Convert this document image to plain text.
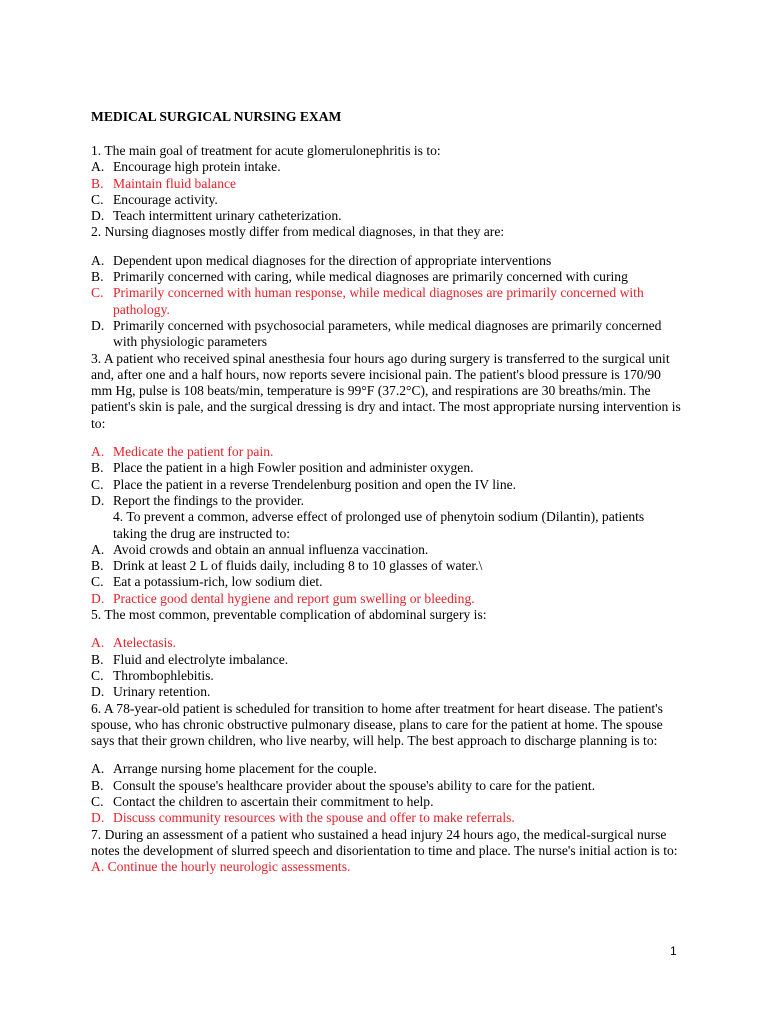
MEDICAL SURGICAL NURSING EXAM

1. The main goal of treatment for acute glomerulonephritis is to:

A. Encourage high protein intake.

B. Maintain fluid balance

C. Encourage activity.

D. Teach intermittent urinary catheterization.

2. Nursing diagnoses mostly differ from medical diagnoses, in that they are:

A. Dependent upon medical diagnoses for the direction of appropriate interventions

B. Primarily concerned with caring, while medical diagnoses are primarily concerned with curing

C. Primarily concerned with human response, while medical diagnoses are primarily concerned with pathology.

D. Primarily concerned with psychosocial parameters, while medical diagnoses are primarily concerned with physiologic parameters

3. A patient who received spinal anesthesia four hours ago during surgery is transferred to the surgical unit and, after one and a half hours, now reports severe incisional pain. The patient's blood pressure is 170/90 mm Hg, pulse is 108 beats/min, temperature is 99°F (37.2°C), and respirations are 30 breaths/min. The patient's skin is pale, and the surgical dressing is dry and intact. The most appropriate nursing intervention is to:

A. Medicate the patient for pain.

B. Place the patient in a high Fowler position and administer oxygen.

C. Place the patient in a reverse Trendelenburg position and open the IV line.

D. Report the findings to the provider.

4. To prevent a common, adverse effect of prolonged use of phenytoin sodium (Dilantin), patients taking the drug are instructed to:

A. Avoid crowds and obtain an annual influenza vaccination.

B. Drink at least 2 L of fluids daily, including 8 to 10 glasses of water.\

C. Eat a potassium-rich, low sodium diet.

D. Practice good dental hygiene and report gum swelling or bleeding.

5. The most common, preventable complication of abdominal surgery is:

A. Atelectasis.

B. Fluid and electrolyte imbalance.

C. Thrombophlebitis.

D. Urinary retention.

6. A 78-year-old patient is scheduled for transition to home after treatment for heart disease. The patient's spouse, who has chronic obstructive pulmonary disease, plans to care for the patient at home. The spouse says that their grown children, who live nearby, will help. The best approach to discharge planning is to:

A. Arrange nursing home placement for the couple.

B. Consult the spouse's healthcare provider about the spouse's ability to care for the patient.

C. Contact the children to ascertain their commitment to help.

D. Discuss community resources with the spouse and offer to make referrals.

7. During an assessment of a patient who sustained a head injury 24 hours ago, the medical-surgical nurse notes the development of slurred speech and disorientation to time and place. The nurse's initial action is to:

A. Continue the hourly neurologic assessments.

1
